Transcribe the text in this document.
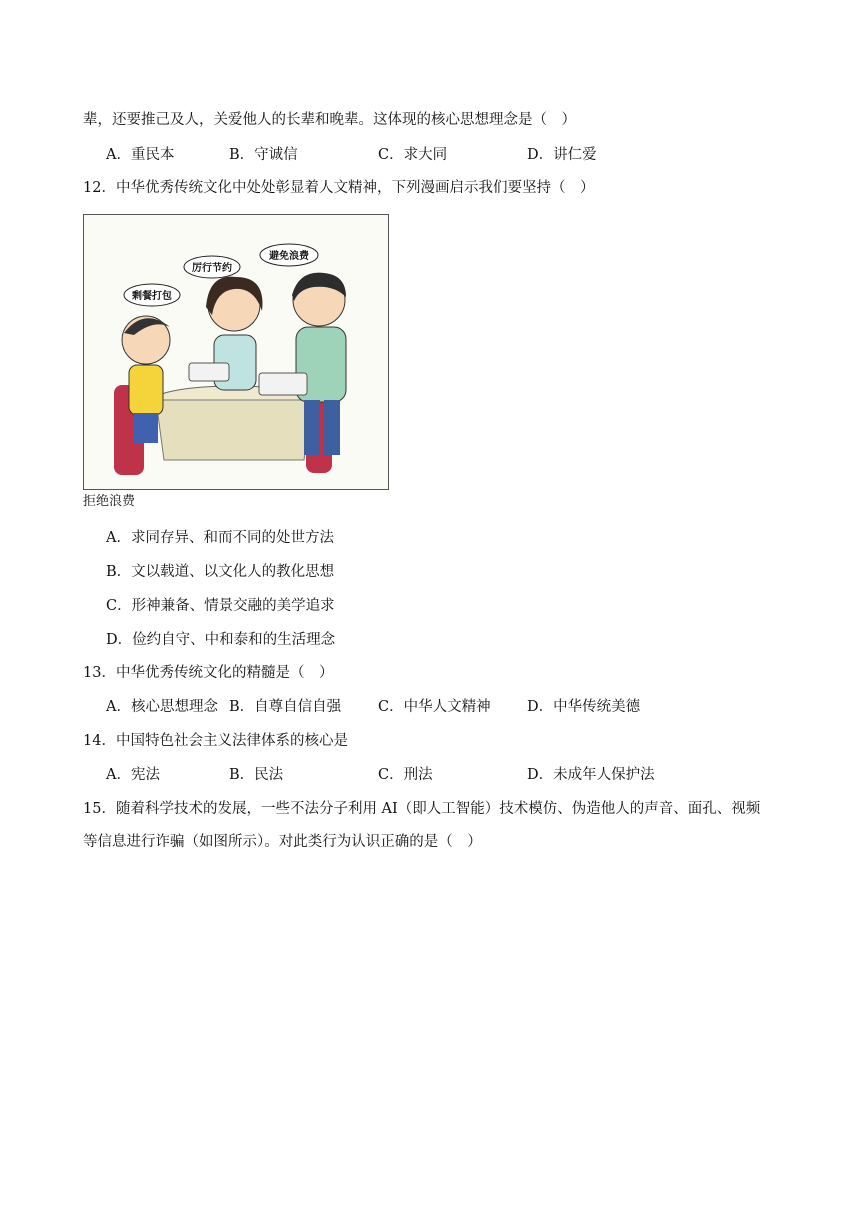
辈，还要推己及人，关爱他人的长辈和晚辈。这体现的核心思想理念是（　）
A．重民本	B．守诚信	C．求大同	D．讲仁爱
12．中华优秀传统文化中处处彰显着人文精神，下列漫画启示我们要坚持（　）
剩餐打包
厉行节约
避免浪费
拒绝浪费
A．求同存异、和而不同的处世方法
B．文以载道、以文化人的教化思想
C．形神兼备、情景交融的美学追求
D．俭约自守、中和泰和的生活理念
13．中华优秀传统文化的精髓是（　）
A．核心思想理念 B．自尊自信自强	C．中华人文精神	D．中华传统美德
14．中国特色社会主义法律体系的核心是
A．宪法	B．民法	C．刑法	D．未成年人保护法
15．随着科学技术的发展，一些不法分子利用 AI（即人工智能）技术模仿、伪造他人的声音、面孔、视频
等信息进行诈骗（如图所示）。对此类行为认识正确的是（　）
